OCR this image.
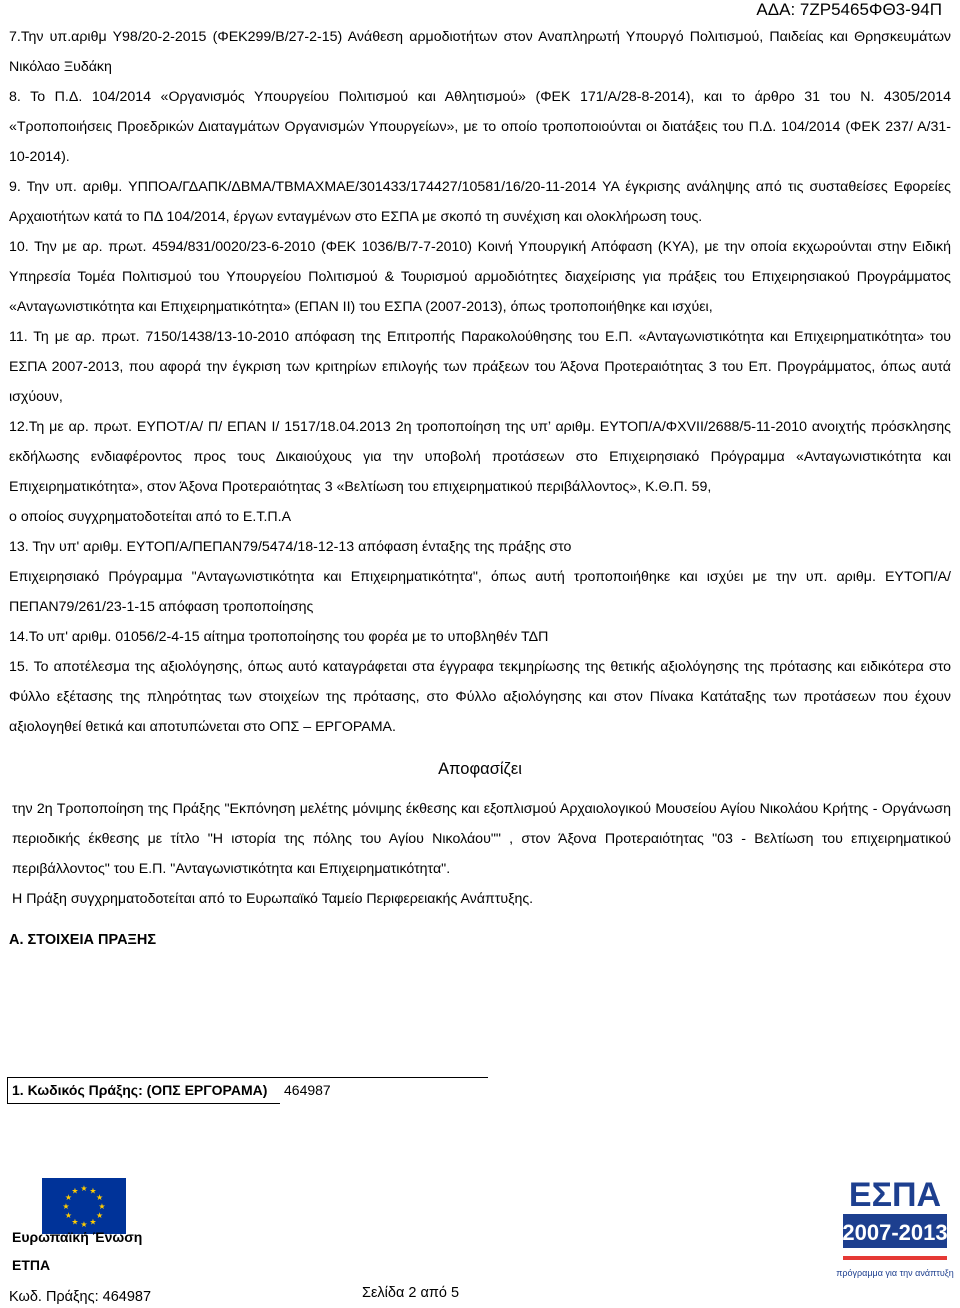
ΑΔΑ: 7ΖΡ5465ΦΘ3-94Π

7.Την υπ.αριθμ Υ98/20-2-2015 (ΦΕΚ299/Β/27-2-15) Ανάθεση αρμοδιοτήτων στον Αναπληρωτή Υπουργό Πολιτισμού, Παιδείας και Θρησκευμάτων Νικόλαο Ξυδάκη

8. Το Π.Δ. 104/2014 «Οργανισμός Υπουργείου Πολιτισμού και Αθλητισμού» (ΦΕΚ 171/Α/28-8-2014), και το άρθρο 31 του Ν. 4305/2014 «Τροποποιήσεις Προεδρικών Διαταγμάτων Οργανισμών Υπουργείων», με το οποίο τροποποιούνται οι διατάξεις του Π.Δ. 104/2014 (ΦΕΚ 237/ Α/31-10-2014).

9. Την υπ. αριθμ. ΥΠΠΟΑ/ΓΔΑΠΚ/ΔΒΜΑ/ΤΒΜΑΧΜΑΕ/301433/174427/10581/16/20-11-2014 ΥΑ έγκρισης ανάληψης από τις συσταθείσες Εφορείες Αρχαιοτήτων κατά το ΠΔ 104/2014, έργων ενταγμένων στο ΕΣΠΑ με σκοπό τη συνέχιση και ολοκλήρωση τους.

10. Την με αρ. πρωτ. 4594/831/0020/23-6-2010 (ΦΕΚ 1036/Β/7-7-2010) Κοινή Υπουργική Απόφαση (ΚΥΑ), με την οποία εκχωρούνται στην Ειδική Υπηρεσία Τομέα Πολιτισμού του Υπουργείου Πολιτισμού & Τουρισμού αρμοδιότητες διαχείρισης για πράξεις του Επιχειρησιακού Προγράμματος «Ανταγωνιστικότητα και Επιχειρηματικότητα» (ΕΠΑΝ ΙΙ) του ΕΣΠΑ (2007-2013), όπως τροποποιήθηκε και ισχύει,

11. Τη με αρ. πρωτ. 7150/1438/13-10-2010 απόφαση της Επιτροπής Παρακολούθησης του Ε.Π. «Ανταγωνιστικότητα και Επιχειρηματικότητα» του ΕΣΠΑ 2007-2013, που αφορά την έγκριση των κριτηρίων επιλογής των πράξεων του Άξονα Προτεραιότητας 3 του Επ. Προγράμματος, όπως αυτά ισχύουν,

12.Τη με αρ. πρωτ. ΕΥΠΟΤ/Α/ Π/ ΕΠΑΝ Ι/ 1517/18.04.2013 2η τροποποίηση της υπ’ αριθμ. ΕΥΤΟΠ/Α/ΦΧVII/2688/5-11-2010 ανοιχτής πρόσκλησης εκδήλωσης ενδιαφέροντος προς τους Δικαιούχους για την υποβολή προτάσεων στο Επιχειρησιακό Πρόγραμμα «Ανταγωνιστικότητα και Επιχειρηματικότητα», στον Άξονα Προτεραιότητας 3 «Βελτίωση του επιχειρηματικού περιβάλλοντος», Κ.Θ.Π. 59,

ο οποίος συγχρηματοδοτείται από το Ε.Τ.Π.Α

13. Την υπ' αριθμ. ΕΥΤΟΠ/Α/ΠΕΠΑΝ79/5474/18-12-13 απόφαση ένταξης της πράξης στο

Επιχειρησιακό Πρόγραμμα "Ανταγωνιστικότητα και Επιχειρηματικότητα", όπως αυτή τροποποιήθηκε και ισχύει με την υπ. αριθμ. ΕΥΤΟΠ/Α/ΠΕΠΑΝ79/261/23-1-15 απόφαση τροποποίησης

14.Το υπ' αριθμ. 01056/2-4-15 αίτημα τροποποίησης του φορέα με το υποβληθέν ΤΔΠ

15. Το αποτέλεσμα της αξιολόγησης, όπως αυτό καταγράφεται στα έγγραφα τεκμηρίωσης της θετικής αξιολόγησης της πρότασης και ειδικότερα στο Φύλλο εξέτασης της πληρότητας των στοιχείων της πρότασης, στο Φύλλο αξιολόγησης και στον Πίνακα Κατάταξης των προτάσεων που έχουν αξιολογηθεί θετικά και αποτυπώνεται στο ΟΠΣ – ΕΡΓΟΡΑΜΑ.

Αποφασίζει

την 2η Τροποποίηση της Πράξης "Εκπόνηση μελέτης μόνιμης έκθεσης και εξοπλισμού Αρχαιολογικού Μουσείου Αγίου Νικολάου Κρήτης - Οργάνωση περιοδικής έκθεσης με τίτλο "Η ιστορία της πόλης του Αγίου Νικολάου"" , στον Άξονα Προτεραιότητας "03 - Βελτίωση του επιχειρηματικού περιβάλλοντος" του Ε.Π. "Ανταγωνιστικότητα και Επιχειρηματικότητα".

Η Πράξη συγχρηματοδοτείται από το Ευρωπαϊκό Ταμείο Περιφερειακής Ανάπτυξης.

Α. ΣΤΟΙΧΕΙΑ ΠΡΑΞΗΣ
1. Κωδικός Πράξης: (ΟΠΣ ΕΡΓΟΡΑΜΑ)	464987
★ ★
★
★
★
★
★
★
★
★
★
★
Ευρωπαϊκή Ένωση
ΕΤΠΑ
ΕΣΠΑ
2007-2013
πρόγραμμα για την ανάπτυξη
Κωδ. Πράξης: 464987	Σελίδα 2 από 5
